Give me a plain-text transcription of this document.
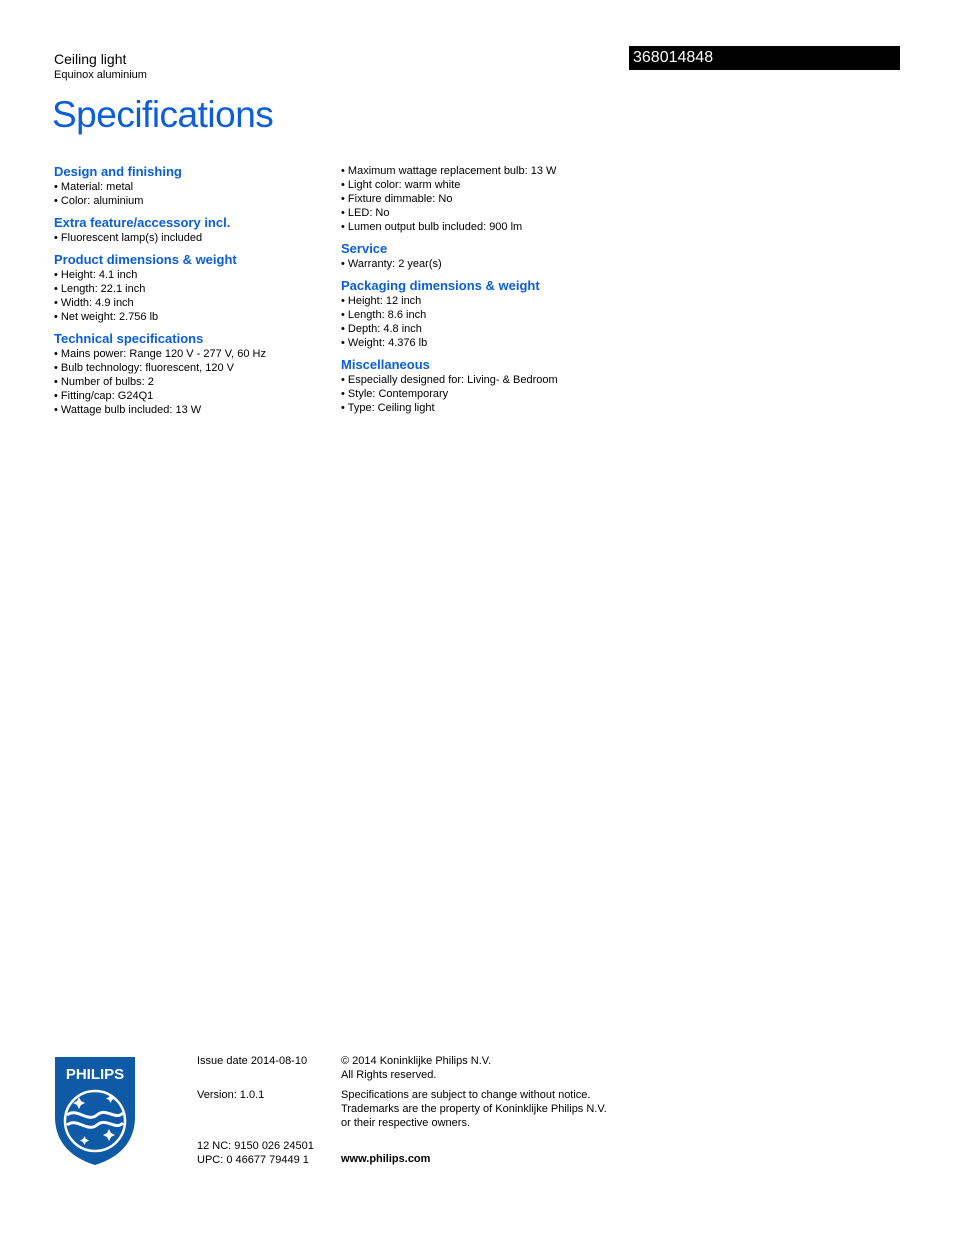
Ceiling light
Equinox aluminium
368014848
Specifications
Design and finishing
• Material: metal
• Color: aluminium
Extra feature/accessory incl.
• Fluorescent lamp(s) included
Product dimensions & weight
• Height: 4.1 inch
• Length: 22.1 inch
• Width: 4.9 inch
• Net weight: 2.756 lb
Technical specifications
• Mains power: Range 120 V - 277 V, 60 Hz
• Bulb technology: fluorescent, 120 V
• Number of bulbs: 2
• Fitting/cap: G24Q1
• Wattage bulb included: 13 W
• Maximum wattage replacement bulb: 13 W
• Light color: warm white
• Fixture dimmable: No
• LED: No
• Lumen output bulb included: 900 lm
Service
• Warranty: 2 year(s)
Packaging dimensions & weight
• Height: 12 inch
• Length: 8.6 inch
• Depth: 4.8 inch
• Weight: 4.376 lb
Miscellaneous
• Especially designed for: Living- & Bedroom
• Style: Contemporary
• Type: Ceiling light
PHILIPS
Issue date 2014-08-10
Version: 1.0.1
12 NC: 9150 026 24501
UPC: 0 46677 79449 1
© 2014 Koninklijke Philips N.V.
All Rights reserved.
Specifications are subject to change without notice.
Trademarks are the property of Koninklijke Philips N.V.
or their respective owners.
www.philips.com
